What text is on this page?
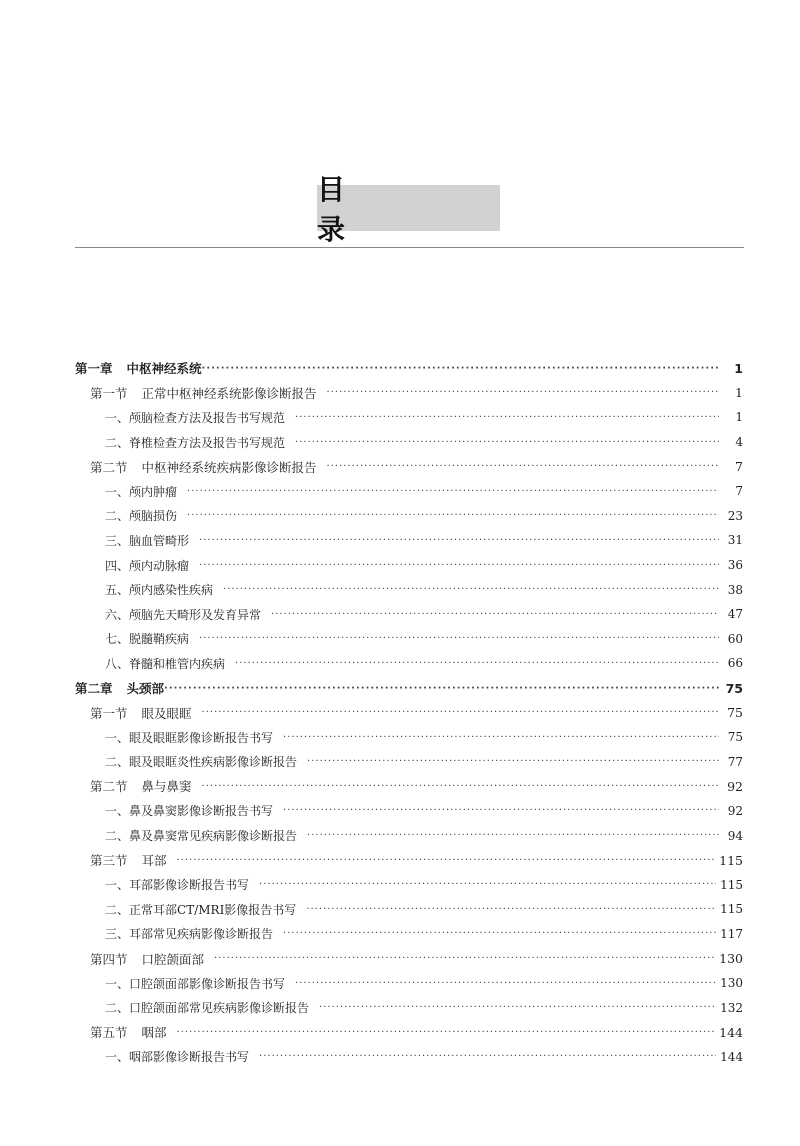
目　录
第一章 中枢神经系统 ·····	1
第一节 正常中枢神经系统影像诊断报告 ·····	1
一、 颅脑检查方法及报告书写规范 ·····	1
二、 脊椎检查方法及报告书写规范 ·····	4
第二节 中枢神经系统疾病影像诊断报告 ·····	7
一、 颅内肿瘤 ·····	7
二、 颅脑损伤 ·····	23
三、 脑血管畸形 ·····	31
四、 颅内动脉瘤 ·····	36
五、 颅内感染性疾病 ·····	38
六、 颅脑先天畸形及发育异常 ·····	47
七、 脱髓鞘疾病 ·····	60
八、 脊髓和椎管内疾病 ·····	66
第二章 头颈部 ·····	75
第一节 眼及眼眶 ·····	75
一、 眼及眼眶影像诊断报告书写 ·····	75
二、 眼及眼眶炎性疾病影像诊断报告 ·····	77
第二节 鼻与鼻窦 ·····	92
一、 鼻及鼻窦影像诊断报告书写 ·····	92
二、 鼻及鼻窦常见疾病影像诊断报告 ·····	94
第三节 耳部 ·····	115
一、 耳部影像诊断报告书写 ·····	115
二、 正常耳部CT/MRI影像报告书写 ·····	115
三、 耳部常见疾病影像诊断报告 ·····	117
第四节 口腔颌面部 ·····	130
一、 口腔颌面部影像诊断报告书写 ·····	130
二、 口腔颌面部常见疾病影像诊断报告 ·····	132
第五节 咽部 ·····	144
一、 咽部影像诊断报告书写 ·····	144
